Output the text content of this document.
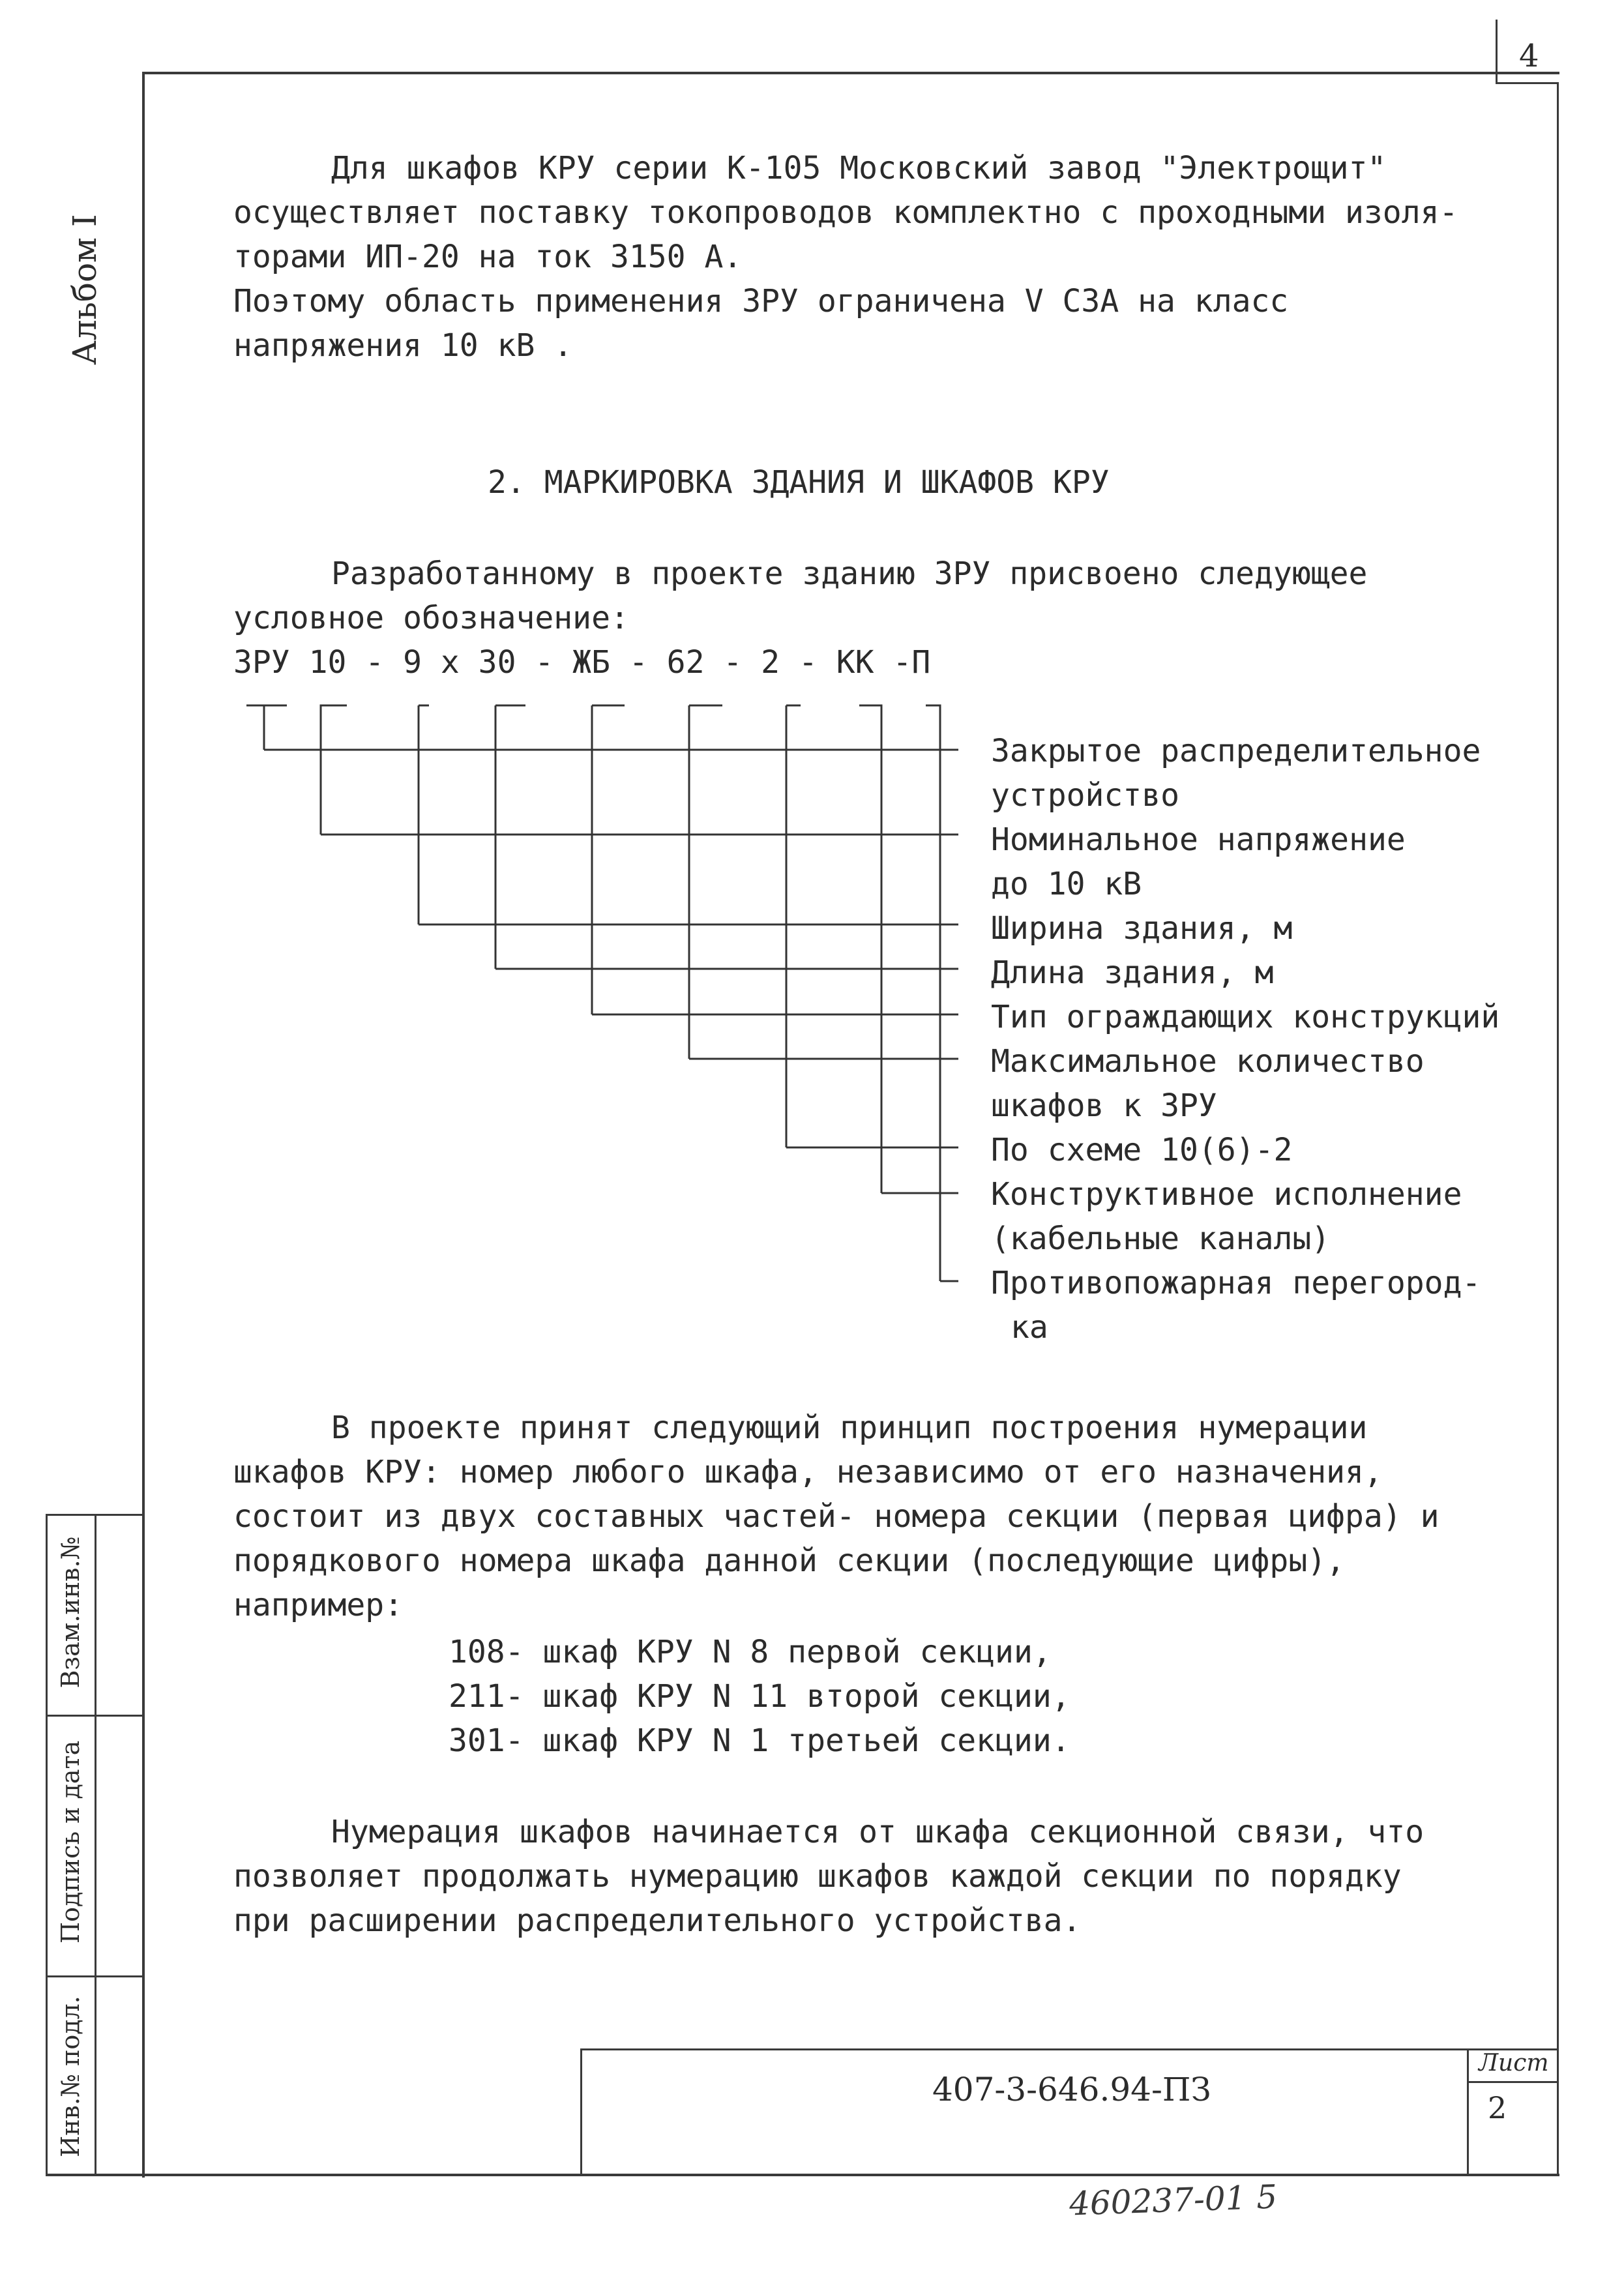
4
Альбом I
Для шкафов КРУ серии К-105 Московский завод "Электрощит"
осуществляет поставку токопроводов комплектно с проходными изоля-
торами ИП-20 на ток 3150 А.
Поэтому область применения ЗРУ ограничена V СЗА на класс
напряжения 10 кВ .
2. МАРКИРОВКА ЗДАНИЯ И ШКАФОВ КРУ
Разработанному в проекте зданию ЗРУ присвоено следующее
условное обозначение:
ЗРУ 10 - 9 х 30 - ЖБ - 62 - 2 - КК -П
Закрытое распределительное
устройство
Номинальное напряжение
до 10 кВ
Ширина здания, м
Длина здания, м
Тип ограждающих конструкций
Максимальное количество
шкафов к ЗРУ
По схеме 10(6)-2
Конструктивное исполнение
(кабельные каналы)
Противопожарная перегород-
ка
В проекте принят следующий принцип построения нумерации
шкафов КРУ: номер любого шкафа, независимо от его назначения,
состоит из двух составных частей- номера секции (первая цифра) и
порядкового номера шкафа данной секции (последующие цифры),
например:
108- шкаф КРУ N 8 первой секции,
211- шкаф КРУ N 11 второй секции,
301- шкаф КРУ N 1 третьей секции.
Нумерация шкафов начинается от шкафа секционной связи, что
позволяет продолжать нумерацию шкафов каждой секции по порядку
при расширении распределительного устройства.
Взам.инв.№
Подпись и дата
Инв.№ подл.	407-3-646.94-ПЗ
Лист
2
460237-01 5
